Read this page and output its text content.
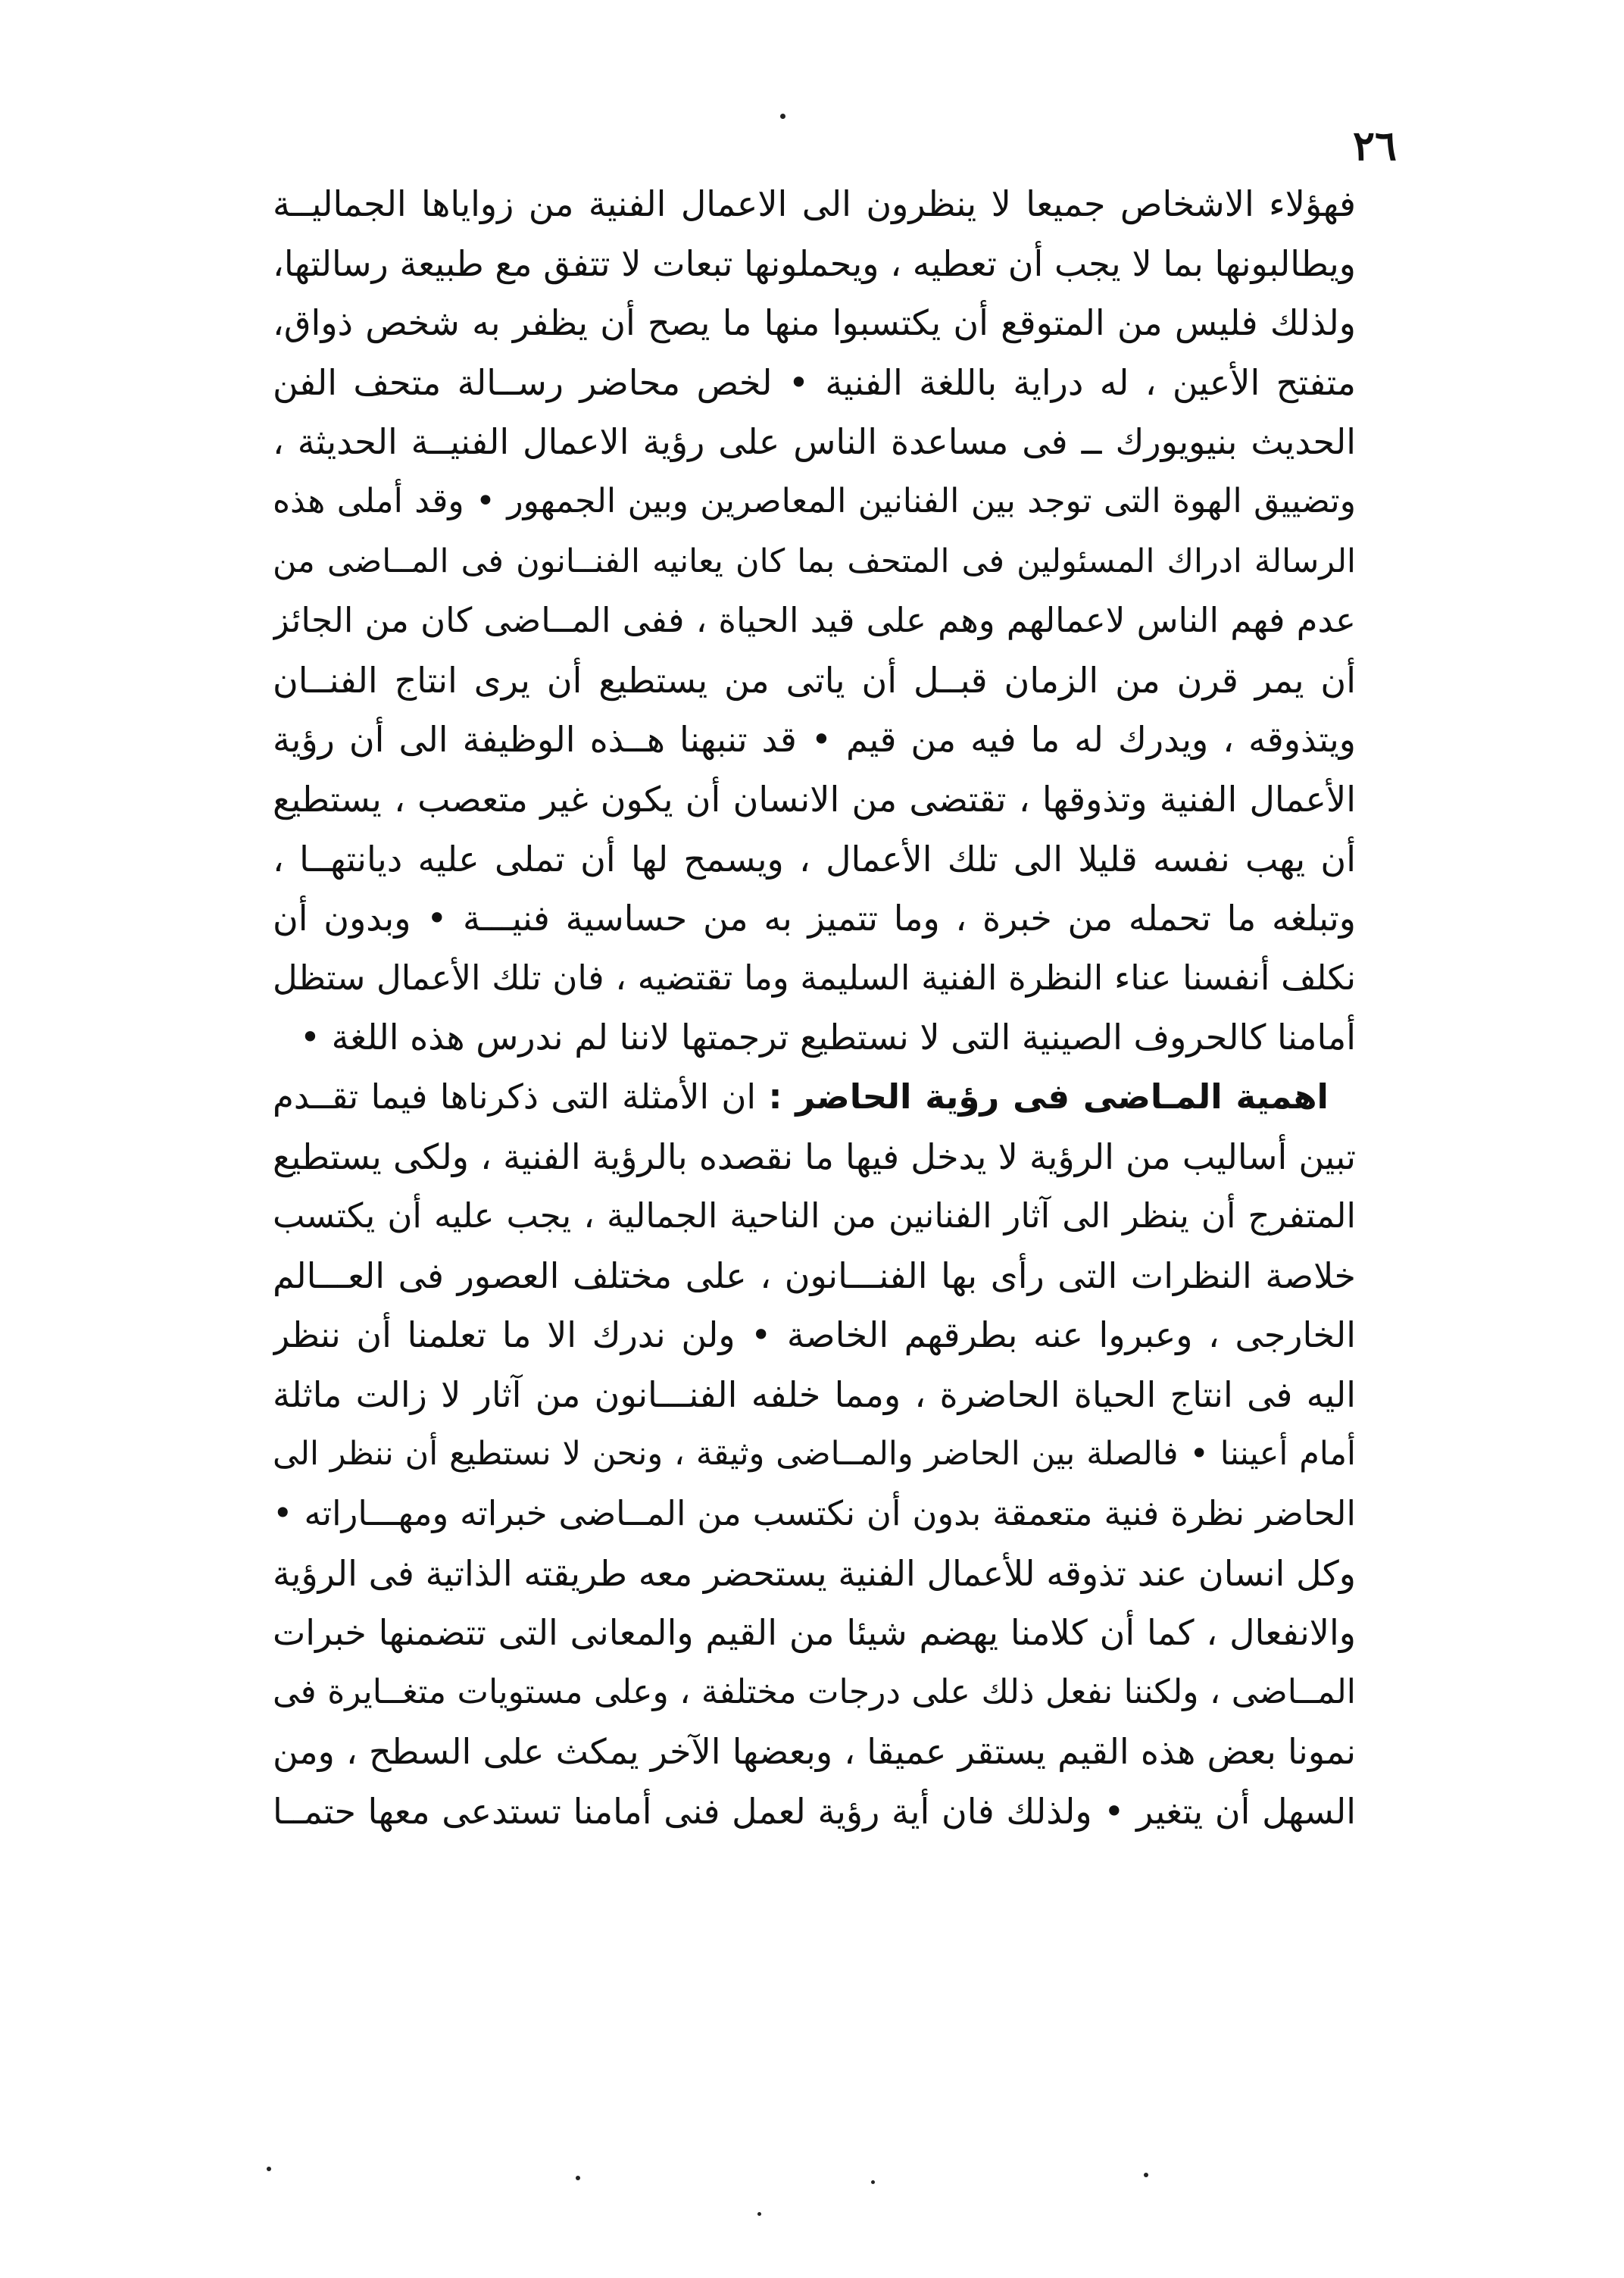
٢٦
فهؤلاء الاشخاص جميعا لا ينظرون الى الاعمال الفنية من زواياها الجماليــة
ويطالبونها بما لا يجب أن تعطيه ، ويحملونها تبعات لا تتفق مع طبيعة رسالتها،
ولذلك فليس من المتوقع أن يكتسبوا منها ما يصح أن يظفر به شخص ذواق،
متفتح الأعين ، له دراية باللغة الفنية • لخص محاضر رســالة متحف الفن
الحديث بنيويورك ــ فى مساعدة الناس على رؤية الاعمال الفنيــة الحديثة ،
وتضييق الهوة التى توجد بين الفنانين المعاصرين وبين الجمهور • وقد أملى هذه
الرسالة ادراك المسئولين فى المتحف بما كان يعانيه الفنــانون فى المــاضى من
عدم فهم الناس لاعمالهم وهم على قيد الحياة ، ففى المــاضى كان من الجائز
أن يمر قرن من الزمان قبــل أن ياتى من يستطيع أن يرى انتاج الفنــان
ويتذوقه ، ويدرك له ما فيه من قيم • قد تنبهنا هــذه الوظيفة الى أن رؤية
الأعمال الفنية وتذوقها ، تقتضى من الانسان أن يكون غير متعصب ، يستطيع
أن يهب نفسه قليلا الى تلك الأعمال ، ويسمح لها أن تملى عليه ديانتهــا ،
وتبلغه ما تحمله من خبرة ، وما تتميز به من حساسية فنيـــة • وبدون أن
نكلف أنفسنا عناء النظرة الفنية السليمة وما تقتضيه ، فان تلك الأعمال ستظل
أمامنا كالحروف الصينية التى لا نستطيع ترجمتها لاننا لم ندرس هذه اللغة •
اهمية المـاضى فى رؤية الحاضر : ان الأمثلة التى ذكرناها فيما تقــدم
تبين أساليب من الرؤية لا يدخل فيها ما نقصده بالرؤية الفنية ، ولكى يستطيع
المتفرج أن ينظر الى آثار الفنانين من الناحية الجمالية ، يجب عليه أن يكتسب
خلاصة النظرات التى رأى بها الفنـــانون ، على مختلف العصور فى العـــالم
الخارجى ، وعبروا عنه بطرقهم الخاصة • ولن ندرك الا ما تعلمنا أن ننظر
اليه فى انتاج الحياة الحاضرة ، ومما خلفه الفنـــانون من آثار لا زالت ماثلة
أمام أعيننا • فالصلة بين الحاضر والمــاضى وثيقة ، ونحن لا نستطيع أن ننظر الى
الحاضر نظرة فنية متعمقة بدون أن نكتسب من المــاضى خبراته ومهـــاراته •
وكل انسان عند تذوقه للأعمال الفنية يستحضر معه طريقته الذاتية فى الرؤية
والانفعال ، كما أن كلامنا يهضم شيئا من القيم والمعانى التى تتضمنها خبرات
المــاضى ، ولكننا نفعل ذلك على درجات مختلفة ، وعلى مستويات متغــايرة فى
نمونا بعض هذه القيم يستقر عميقا ، وبعضها الآخر يمكث على السطح ، ومن
السهل أن يتغير • ولذلك فان أية رؤية لعمل فنى أمامنا تستدعى معها حتمــا
